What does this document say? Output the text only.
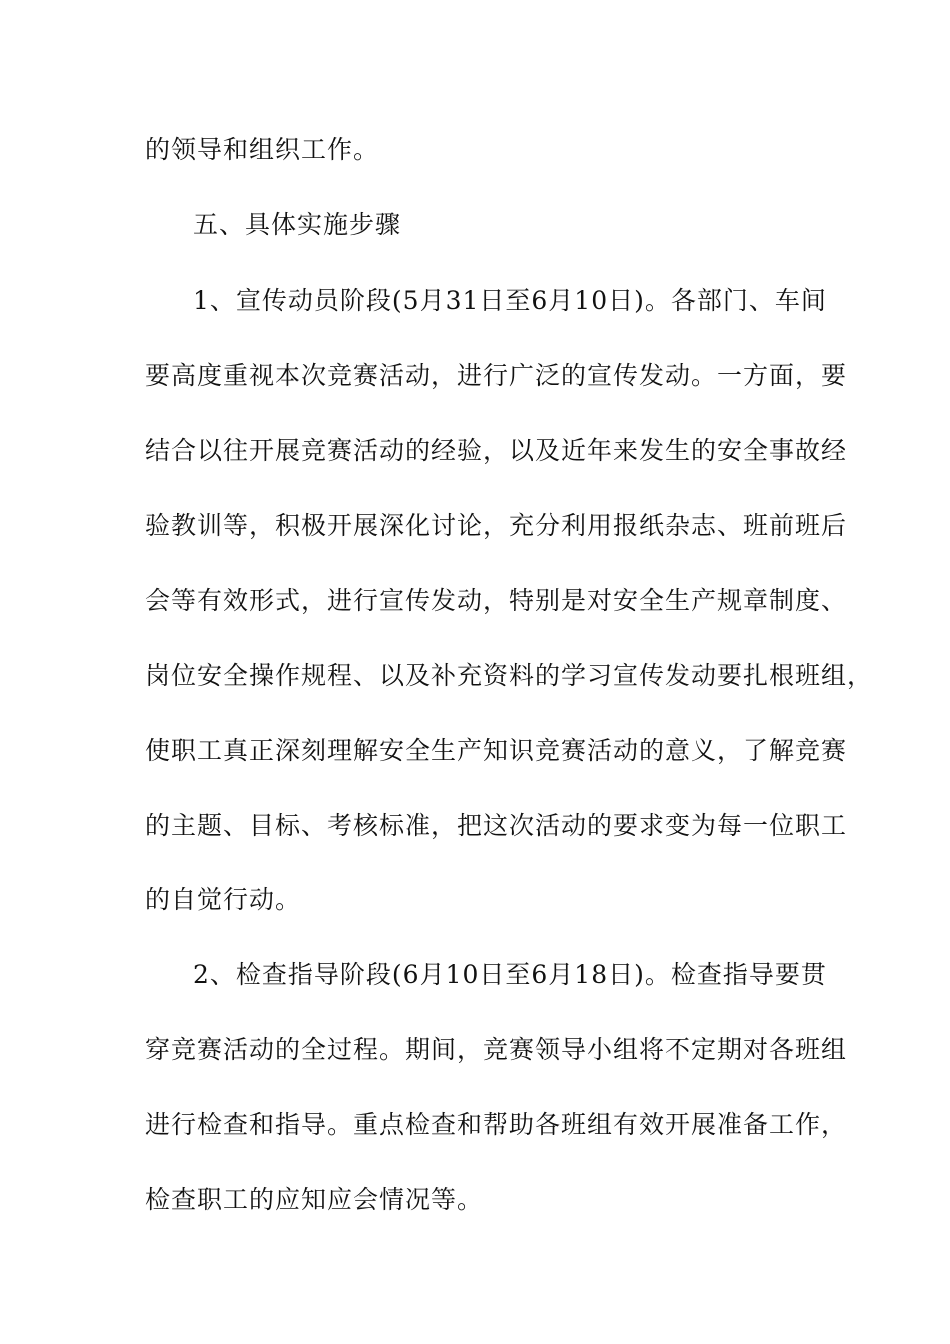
的领导和组织工作。
五、具体实施步骤
1、宣传动员阶段(5月31日至6月10日)。各部门、车间
要高度重视本次竞赛活动，进行广泛的宣传发动。一方面，要
结合以往开展竞赛活动的经验，以及近年来发生的安全事故经
验教训等，积极开展深化讨论，充分利用报纸杂志、班前班后
会等有效形式，进行宣传发动，特别是对安全生产规章制度、
岗位安全操作规程、以及补充资料的学习宣传发动要扎根班组，
使职工真正深刻理解安全生产知识竞赛活动的意义，了解竞赛
的主题、目标、考核标准，把这次活动的要求变为每一位职工
的自觉行动。
2、检查指导阶段(6月10日至6月18日)。检查指导要贯
穿竞赛活动的全过程。期间，竞赛领导小组将不定期对各班组
进行检查和指导。重点检查和帮助各班组有效开展准备工作，
检查职工的应知应会情况等。
